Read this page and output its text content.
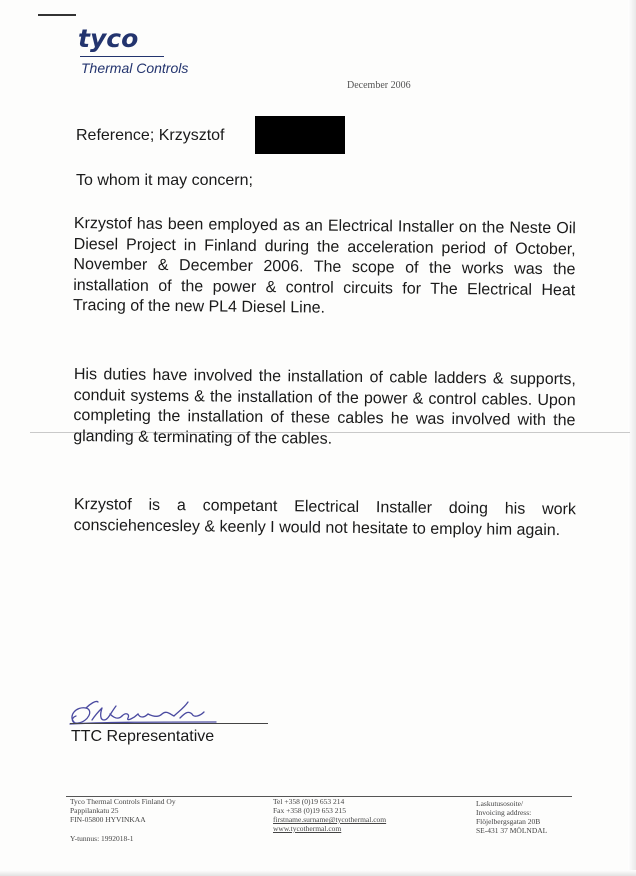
tyco
Thermal Controls
December 2006
Reference; Krzysztof
To whom it may concern;
Krzystof has been employed as an Electrical Installer on the Neste Oil Diesel Project in Finland during the acceleration period of October, November & December 2006. The scope of the works was the installation of the power & control circuits for The Electrical Heat Tracing of the new PL4 Diesel Line.
His duties have involved the installation of cable ladders & supports, conduit systems & the installation of the power & control cables. Upon completing the installation of these cables he was involved with the glanding & terminating of the cables.
Krzystof is a competant Electrical Installer doing his work consciehencesley & keenly I would not hesitate to employ him again.
TTC Representative
Tyco Thermal Controls Finland Oy
Pappilankatu 25
FIN-05800 HYVINKAA
Tel +358 (0)19 653 214
Fax +358 (0)19 653 215
firstname.surname@tycothermal.com
www.tycothermal.com
Laskutusosoite/
Invoicing address:
Flöjelbergsgatan 20B
SE-431 37 MÖLNDAL
Y-tunnus: 1992018-1
